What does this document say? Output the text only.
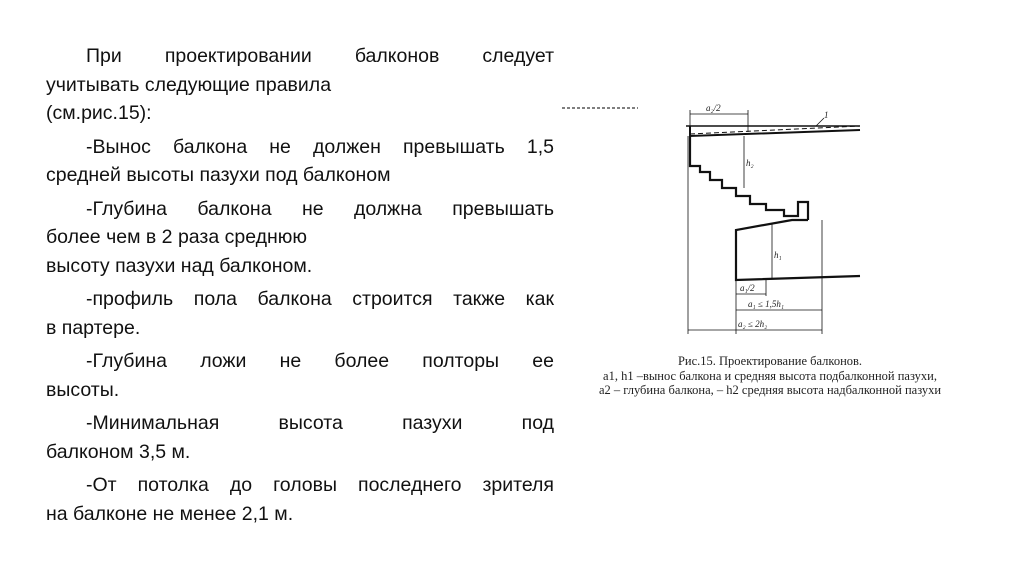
При проектировании балконов следует
учитывать следующие правила
(см.рис.15):

-Вынос балкона не должен превышать 1,5
средней высоты пазухи под балконом

-Глубина балкона не должна превышать
более чем в 2 раза среднюю
высоту пазухи над балконом.

-профиль пола балкона строится также как
в партере.

-Глубина ложи не более полторы ее
высоты.

-Минимальная высота пазухи под
балконом 3,5 м.

-От потолка до головы последнего зрителя
на балконе не менее 2,1 м.

a₂/2
1
h₂
h₁
a₁/2
a₁ ≤ 1,5h₁
a₂ ≤ 2h₂
Рис.15. Проектирование балконов.
a1, h1 –вынос балкона и средняя высота подбалконной пазухи,
a2 – глубина балкона, – h2 средняя высота надбалконной пазухи
